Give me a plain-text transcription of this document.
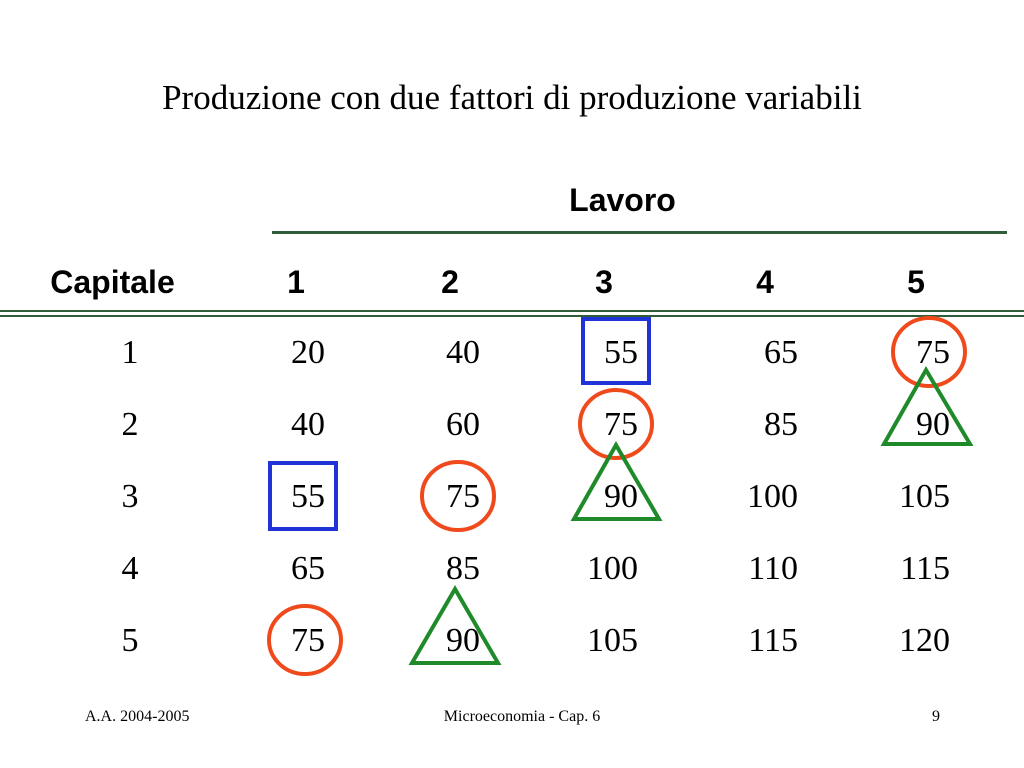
Produzione con due fattori di produzione variabili
Lavoro
Capitale	1	2	3	4	5
1	20	40	55	65	75
2	40	60	75	85	90
3	55	75	90	100	105
4	65	85	100	110	115
5	75	90	105	115	120
A.A. 2004-2005	Microeconomia - Cap. 6	9
